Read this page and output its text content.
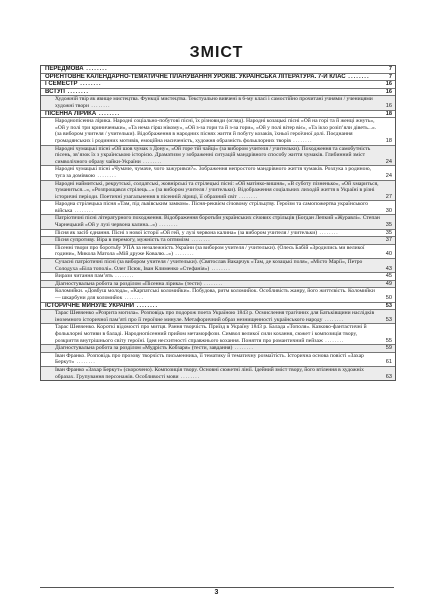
ЗМІСТ
ПЕРЕДМОВА ........	7
ОРІЄНТОВНЕ КАЛЕНДАРНО-ТЕМАТИЧНЕ ПЛАНУВАННЯ УРОКІВ. УКРАЇНСЬКА ЛІТЕРАТУРА. 7-Й КЛАС ........	7
І СЕМЕСТР ........	16
ВСТУП ........	16
Художній твір як явище мистецтва. Функції мистецтва. Текстуально вивчені в 6-му класі і самостійно прочитані учнями / ученицями художні твори ........	16
ПІСЕННА ЛІРИКА ........	18
Народнопісенна лірика. Народні соціально-побутові пісні, їх різновиди (огляд). Народні козацькі пісні «Ой на горі та й женці жнуть», «Ой у полі три криниченьки», «Та нема гірш нікому», «Ой з-за гори та й з-за гори», «Ой у полі вітер віє», «Та ікхо розіп’яли діветь...». (за вибором учителя / учительки). Відображення в народних піснях життя й побуту козаків, їхньої героїчної долі. Поєднання громадянських і родинних мотивів, емоційна насиченість, художня образність фольклорних творів ........	18
Народні чумацькі пісні «Ой шов чумак з Дону», «Ой горе тій чайці» (за вибором учителя / учительки). Походження та самобутність пісень, зв’язок їх з українською історією. Драматизм у зображенні ситуацій мандрівного способу життя чумаків. Глибинний зміст символічного образу чайки-України ........	24
Народні чумацькі пісні «Чумаче, чумаче, чого зажурився?». Зображення непростого мандрівного життя чумаків. Розлука з родиною, туга за домівкою ........	24
Народні наймитські, рекрутські, солдатські, жовнірські та стрілецькі пісні: «Ой матінко-вишня», «В суботу пізненько», «Ой хмариться, туманиться...», «Розпрощався стрілець...» (за вибором учителя / учительки). Відображення соціальних лиходій життя в Україні в різні історичні періоди. Поетичні узагальнення в пісенній ліриці, її образний світ ........	27
Народна стрілецька пісня «Там, під львівським замком». Пісня-реквієм січовому стрільцтву. Героїзм та самопожертва українського війська ........	30
Патріотичні пісні літературного походження. Відображення боротьби українських січових стрільців (Богдан Лепкий «Журавлі». Степан Чарнецький «Ой у лузі червона калина...») ........	35
Пісня як засіб єднання. Пісні з нової історії «Ой гей, у лузі червона калина» (за вибором учителя / учительки) ........	35
Пісня супротиву. Віра в перемогу, мужність та оптимізм ........	37
Пісенні твори про боротьбу УПА за незалежність України (за вибором учителя / учительки). (Олесь Бабій «Зродились ми великої години», Микола Матола «Мій друже Ковалю...») ........	40
Сучасні патріотичні пісні (за вибором учителя / учительки). (Святослав Вакарчук «Там, де козацькі поля», «Місто Марії», Петро Солодуха «Біла тополі». Олег Псюк, Іван Клименко «Стефанія») ........	43
Вирази читання пам’ять ........	45
Діагностувальна робота за розділом «Пісенна лірика» (тести) ........	49
Коломийки. «Довбуш молода», «Карпатські коломийки». Побудова, ритм коломийок. Особливість жанру, його життєвість. Коломийки — шкарбуни для коломийок ........	50
ІСТОРИЧНЕ МИНУЛЕ УКРАЇНИ ........	53
Тарас Шевченко «Розрита могила». Розповідь про подорож поета Україною 1843 р. Осмислення трагічних для Батьківщини наслідків іноземного історичної пам’яті про її героїчне минуле. Метафоричний образ незнищенності українського народу ........	53
Тарас Шевченко. Короткі відомості про митця. Рання творчість. Приїзд в Україну 1843 р. Балада «Тополя». Казково-фантастичні й фольклорні мотиви в баладі. Народнопісенний прийом метаморфози. Символ великої сили кохання, сюжет і композиція твору, розкриття внутрішнього світу героїні. Ідея несхитності справжнього кохання. Поняття про романтичний пейзаж ........	55
Діагностувальна робота за розділом «Мудрість Кобзаря» (тести, завдання) ........	59
Іван Франко. Розповідь про прозову творчість письменника, її тематику й тематичну розмаїтість. Історична основа повісті «Захар Беркут» ........	61
Іван Франко «Захар Беркут» (скорочено). Композиція твору. Основні сюжетні лінії. Ідейний зміст твору, його втілення в художніх образах. Групування персонажів. Особливості мови ........	63
3
